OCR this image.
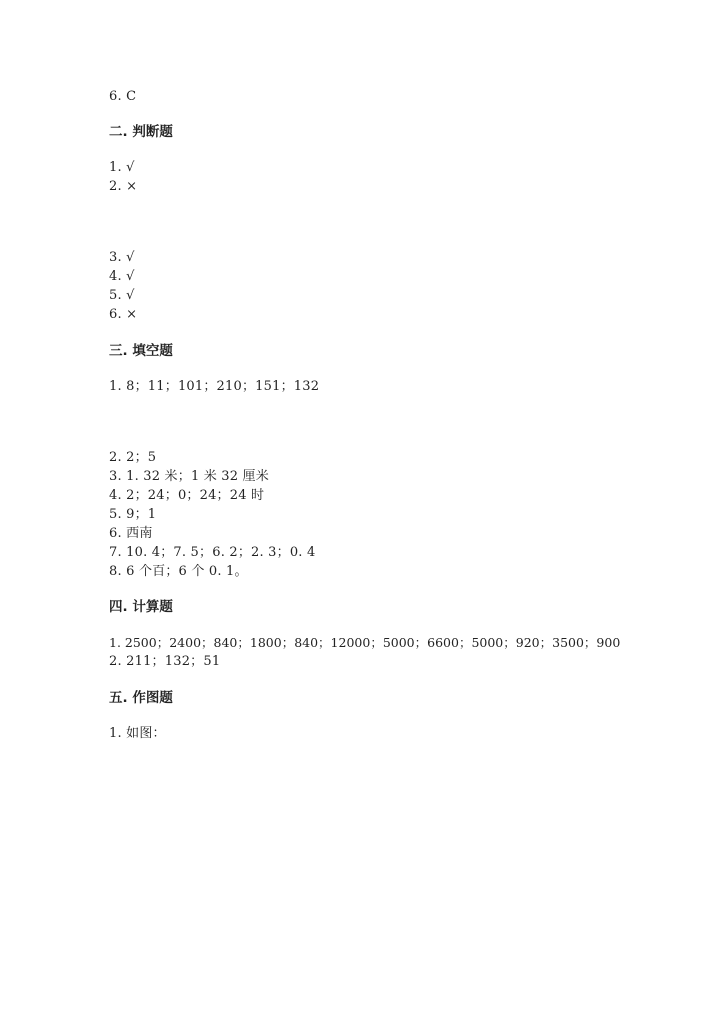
6. C
二. 判断题
1. √
2. ×
3. √
4. √
5. √
6. ×
三. 填空题
1. 8；11；101；210；151；132
2. 2；5
3. 1. 32 米；1 米 32 厘米
4. 2；24；0；24；24 时
5. 9；1
6. 西南
7. 10. 4；7. 5；6. 2；2. 3；0. 4
8. 6 个百；6 个 0. 1。
四. 计算题
1. 2500；2400；840；1800；840；12000；5000；6600；5000；920；3500；900
2. 211；132；51
五. 作图题
1. 如图：
